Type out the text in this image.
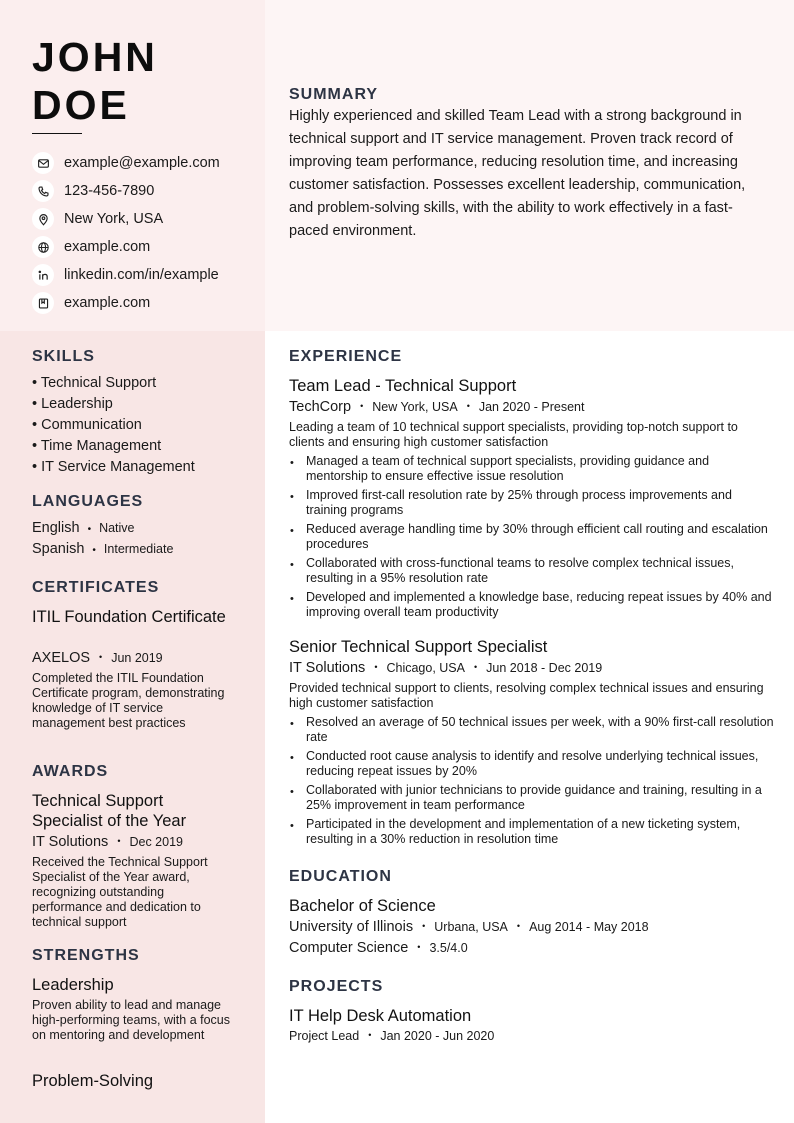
JOHN
DOE
example@example.com
123-456-7890
New York, USA
example.com
linkedin.com/in/example
example.com
SUMMARY
Highly experienced and skilled Team Lead with a strong background in technical support and IT service management. Proven track record of improving team performance, reducing resolution time, and increasing customer satisfaction. Possesses excellent leadership, communication, and problem-solving skills, with the ability to work effectively in a fast-paced environment.
SKILLS
• Technical Support
• Leadership
• Communication
• Time Management
• IT Service Management
LANGUAGES
English • Native
Spanish • Intermediate
CERTIFICATES
ITIL Foundation Certificate
AXELOS • Jun 2019
Completed the ITIL Foundation Certificate program, demonstrating knowledge of IT service management best practices
AWARDS
Technical Support Specialist of the Year
IT Solutions • Dec 2019
Received the Technical Support Specialist of the Year award, recognizing outstanding performance and dedication to technical support
STRENGTHS
Leadership
Proven ability to lead and manage high-performing teams, with a focus on mentoring and development
Problem-Solving
EXPERIENCE
Team Lead - Technical Support
TechCorp • New York, USA • Jan 2020 - Present
Leading a team of 10 technical support specialists, providing top-notch support to clients and ensuring high customer satisfaction
• Managed a team of technical support specialists, providing guidance and mentorship to ensure effective issue resolution
• Improved first-call resolution rate by 25% through process improvements and training programs
• Reduced average handling time by 30% through efficient call routing and escalation procedures
• Collaborated with cross-functional teams to resolve complex technical issues, resulting in a 95% resolution rate
• Developed and implemented a knowledge base, reducing repeat issues by 40% and improving overall team productivity
Senior Technical Support Specialist
IT Solutions • Chicago, USA • Jun 2018 - Dec 2019
Provided technical support to clients, resolving complex technical issues and ensuring high customer satisfaction
• Resolved an average of 50 technical issues per week, with a 90% first-call resolution rate
• Conducted root cause analysis to identify and resolve underlying technical issues, reducing repeat issues by 20%
• Collaborated with junior technicians to provide guidance and training, resulting in a 25% improvement in team performance
• Participated in the development and implementation of a new ticketing system, resulting in a 30% reduction in resolution time
EDUCATION
Bachelor of Science
University of Illinois • Urbana, USA • Aug 2014 - May 2018
Computer Science • 3.5/4.0
PROJECTS
IT Help Desk Automation
Project Lead • Jan 2020 - Jun 2020
